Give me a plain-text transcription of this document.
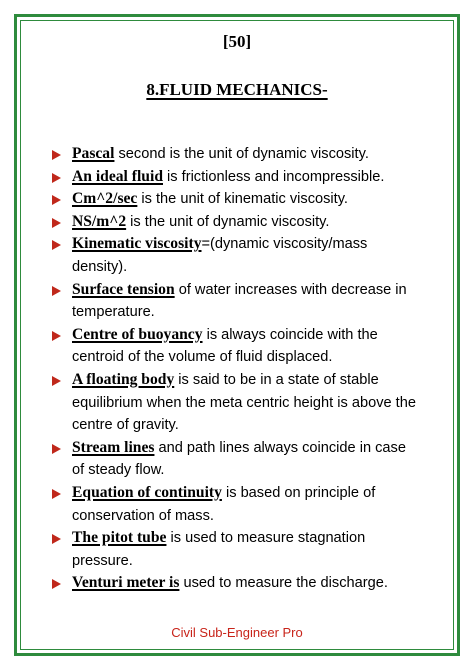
[50]
8.FLUID MECHANICS-
Pascal second is the unit of dynamic viscosity.
An ideal fluid is frictionless and incompressible.
Cm^2/sec is the unit of kinematic viscosity.
NS/m^2 is the unit of dynamic viscosity.
Kinematic viscosity=(dynamic viscosity/mass density).
Surface tension of water increases with decrease in temperature.
Centre of buoyancy is always coincide with the centroid of the volume of fluid displaced.
A floating body is said to be in a state of stable equilibrium when the meta centric height is above the centre of gravity.
Stream lines and path lines always coincide in case of steady flow.
Equation of continuity is based on principle of conservation of mass.
The pitot tube is used to measure stagnation pressure.
Venturi meter is used to measure the discharge.
Civil Sub-Engineer Pro
